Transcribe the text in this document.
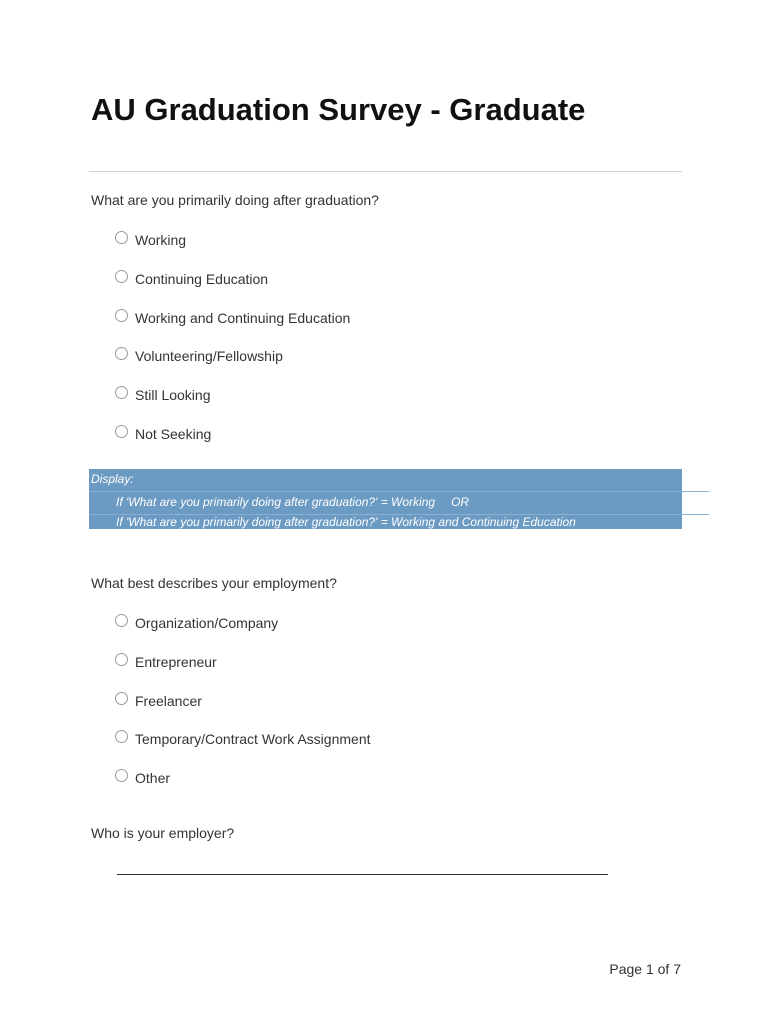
AU Graduation Survey - Graduate
What are you primarily doing after graduation?
Working
Continuing Education
Working and Continuing Education
Volunteering/Fellowship
Still Looking
Not Seeking
Display:
If 'What are you primarily doing after graduation?' = Working OR
If 'What are you primarily doing after graduation?' = Working and Continuing Education
What best describes your employment?
Organization/Company
Entrepreneur
Freelancer
Temporary/Contract Work Assignment
Other
Who is your employer?
Page 1 of 7
